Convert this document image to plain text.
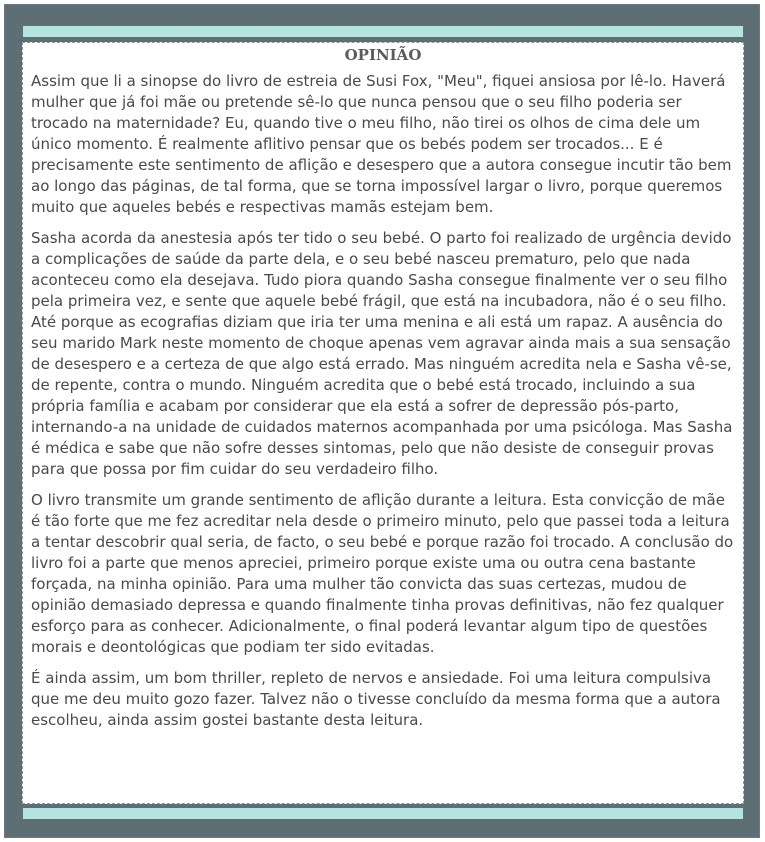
OPINIÃO

Assim que li a sinopse do livro de estreia de Susi Fox, "Meu", fiquei ansiosa por lê-lo. Haverá mulher que já foi mãe ou pretende sê-lo que nunca pensou que o seu filho poderia ser trocado na maternidade? Eu, quando tive o meu filho, não tirei os olhos de cima dele um único momento. É realmente aflitivo pensar que os bebés podem ser trocados... E é precisamente este sentimento de aflição e desespero que a autora consegue incutir tão bem ao longo das páginas, de tal forma, que se torna impossível largar o livro, porque queremos muito que aqueles bebés e respectivas mamãs estejam bem.

Sasha acorda da anestesia após ter tido o seu bebé. O parto foi realizado de urgência devido a complicações de saúde da parte dela, e o seu bebé nasceu prematuro, pelo que nada aconteceu como ela desejava. Tudo piora quando Sasha consegue finalmente ver o seu filho pela primeira vez, e sente que aquele bebé frágil, que está na incubadora, não é o seu filho. Até porque as ecografias diziam que iria ter uma menina e ali está um rapaz. A ausência do seu marido Mark neste momento de choque apenas vem agravar ainda mais a sua sensação de desespero e a certeza de que algo está errado. Mas ninguém acredita nela e Sasha vê-se, de repente, contra o mundo. Ninguém acredita que o bebé está trocado, incluindo a sua própria família e acabam por considerar que ela está a sofrer de depressão pós-parto, internando-a na unidade de cuidados maternos acompanhada por uma psicóloga. Mas Sasha é médica e sabe que não sofre desses sintomas, pelo que não desiste de conseguir provas para que possa por fim cuidar do seu verdadeiro filho.

O livro transmite um grande sentimento de aflição durante a leitura. Esta convicção de mãe é tão forte que me fez acreditar nela desde o primeiro minuto, pelo que passei toda a leitura a tentar descobrir qual seria, de facto, o seu bebé e porque razão foi trocado. A conclusão do livro foi a parte que menos apreciei, primeiro porque existe uma ou outra cena bastante forçada, na minha opinião. Para uma mulher tão convicta das suas certezas, mudou de opinião demasiado depressa e quando finalmente tinha provas definitivas, não fez qualquer esforço para as conhecer. Adicionalmente, o final poderá levantar algum tipo de questões morais e deontológicas que podiam ter sido evitadas.

É ainda assim, um bom thriller, repleto de nervos e ansiedade. Foi uma leitura compulsiva que me deu muito gozo fazer. Talvez não o tivesse concluído da mesma forma que a autora escolheu, ainda assim gostei bastante desta leitura.
